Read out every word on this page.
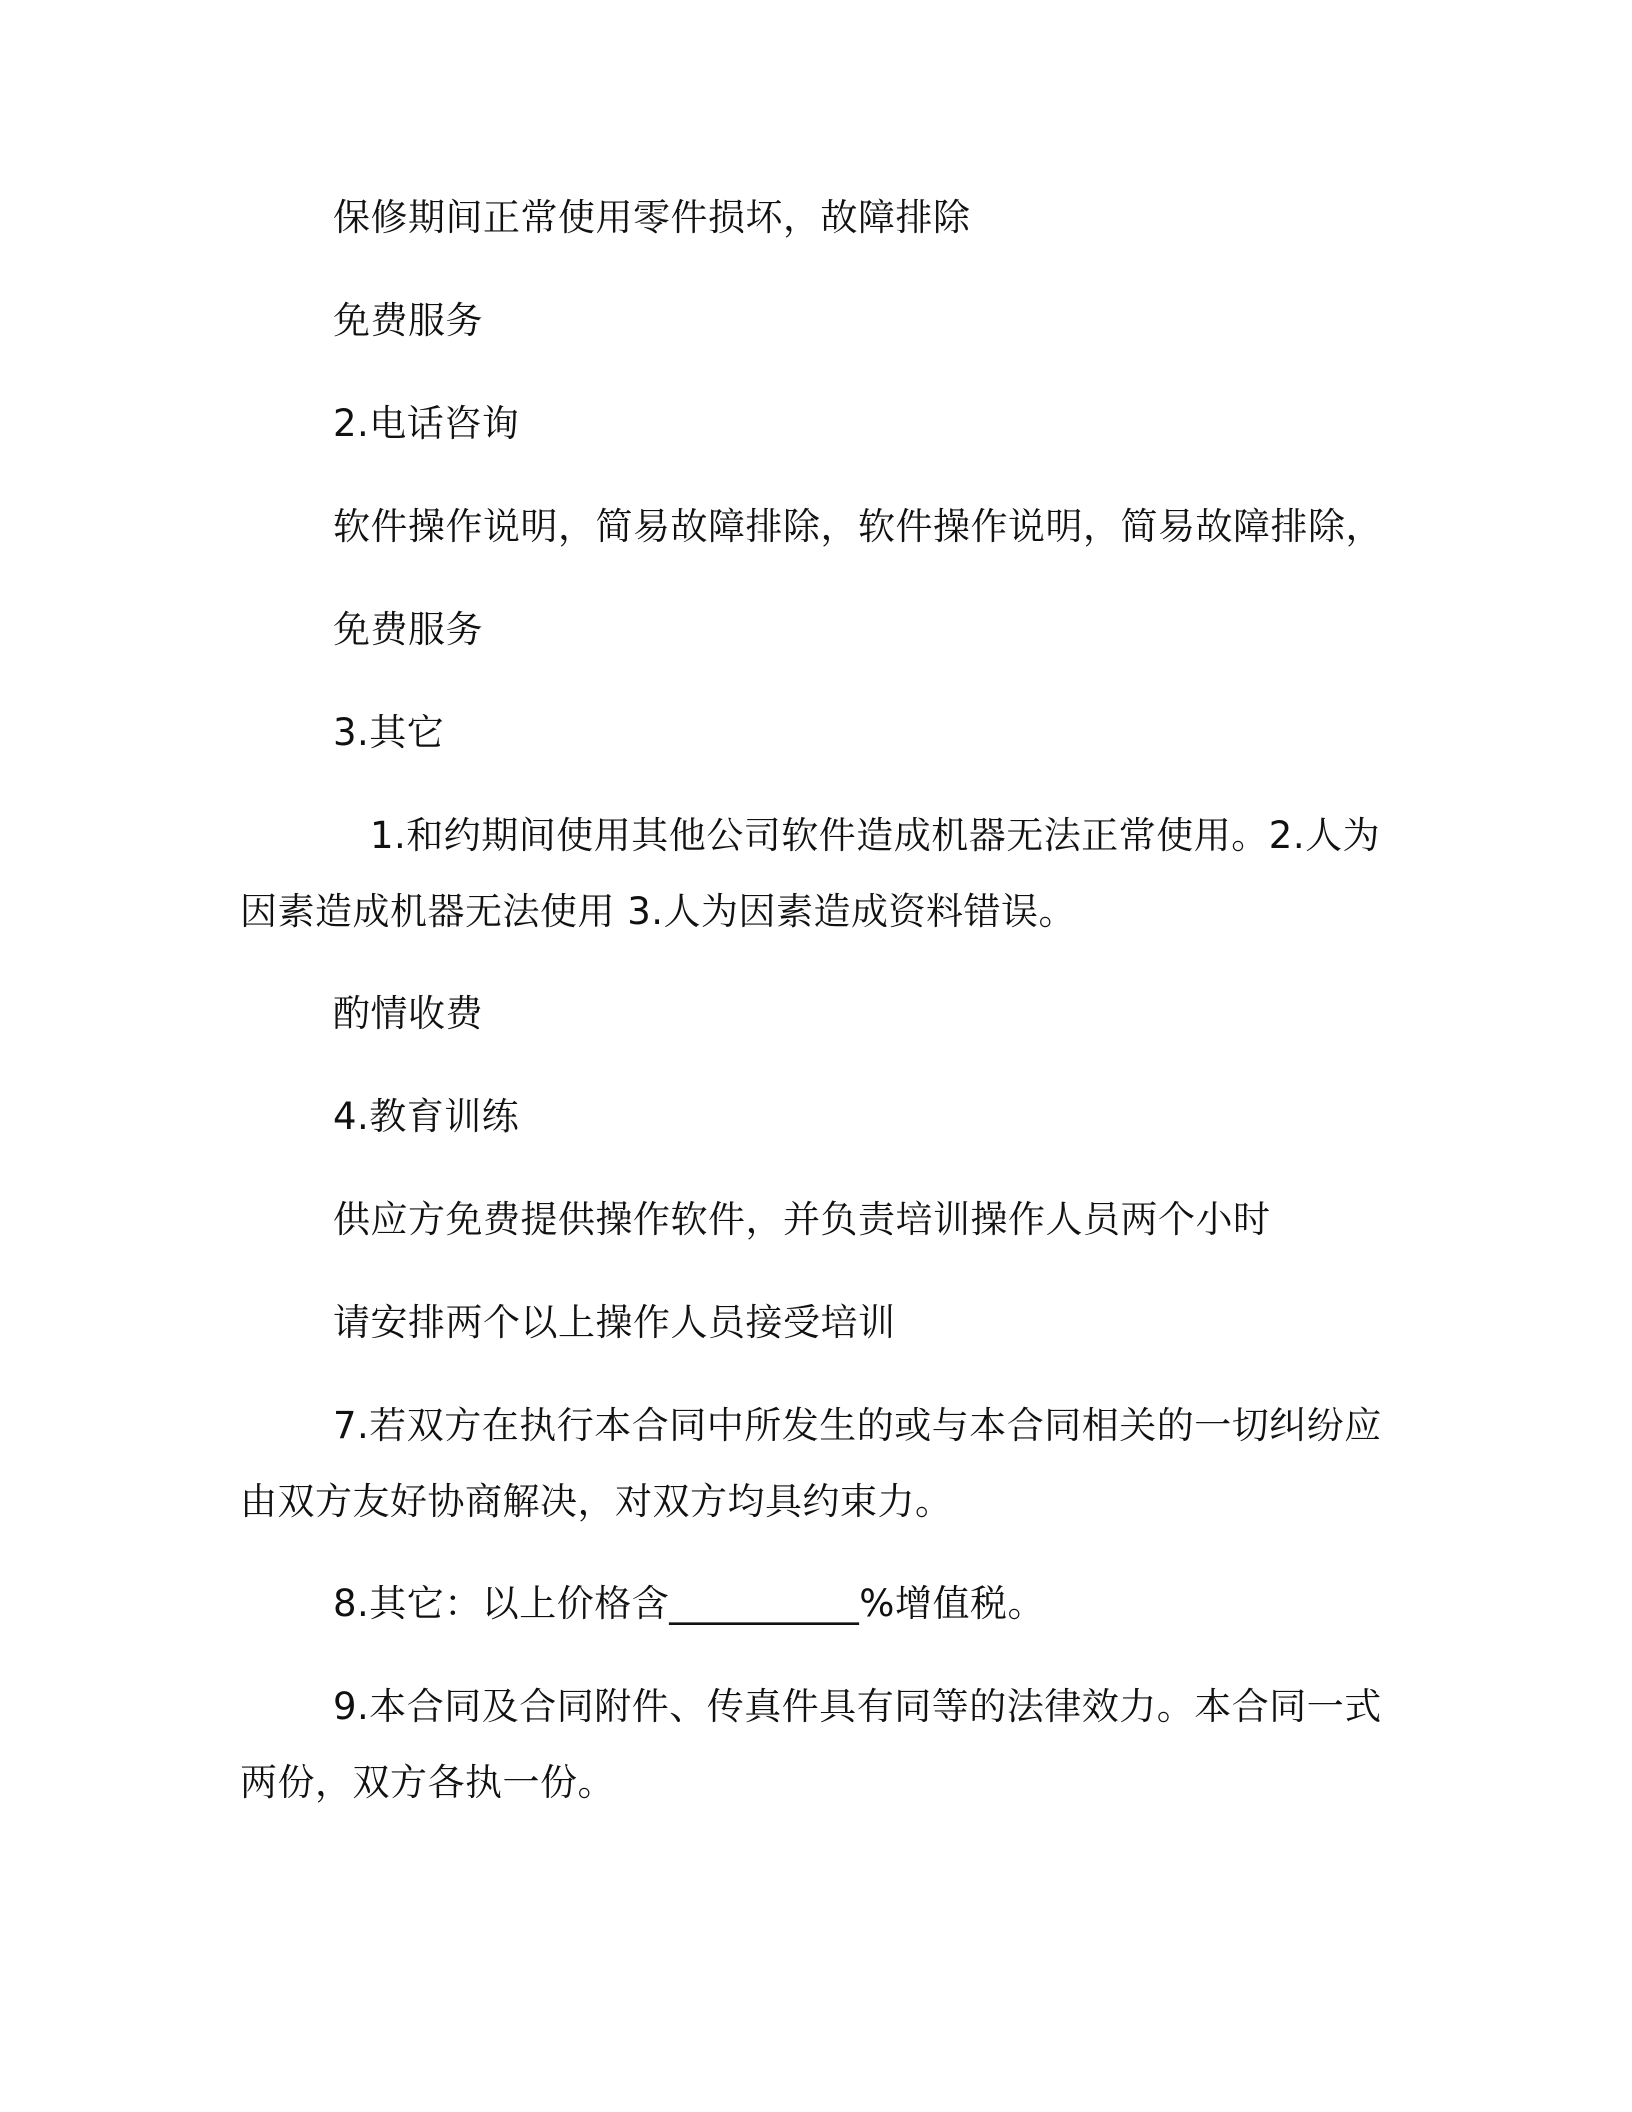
保修期间正常使用零件损坏，故障排除
免费服务
2.电话咨询
软件操作说明，简易故障排除，软件操作说明，简易故障排除，
免费服务
3.其它
1.和约期间使用其他公司软件造成机器无法正常使用。2.人为
因素造成机器无法使用 3.人为因素造成资料错误。
酌情收费
4.教育训练
供应方免费提供操作软件，并负责培训操作人员两个小时
请安排两个以上操作人员接受培训
7.若双方在执行本合同中所发生的或与本合同相关的一切纠纷应
由双方友好协商解决，对双方均具约束力。
8.其它：以上价格含__________%增值税。
9.本合同及合同附件、传真件具有同等的法律效力。本合同一式
两份，双方各执一份。
